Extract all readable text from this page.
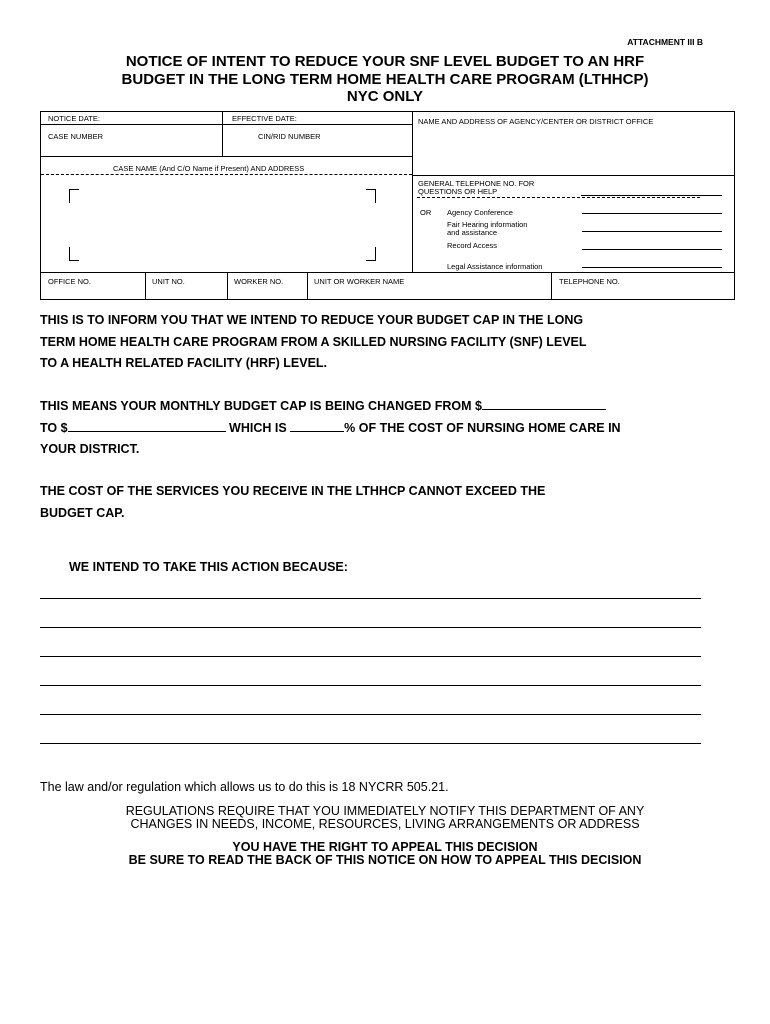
ATTACHMENT III B
NOTICE OF INTENT TO REDUCE YOUR SNF LEVEL BUDGET TO AN HRF
BUDGET IN THE LONG TERM HOME HEALTH CARE PROGRAM (LTHHCP)
NYC ONLY
NOTICE DATE:	EFFECTIVE DATE:	NAME AND ADDRESS OF AGENCY/CENTER OR DISTRICT OFFICE
CASE NUMBER	CIN/RID NUMBER
CASE NAME (And C/O Name if Present) AND ADDRESS
GENERAL TELEPHONE NO. FOR
QUESTIONS OR HELP
OR Agency Conference
Fair Hearing information
and assistance
Record Access
Legal Assistance information
OFFICE NO.	UNIT NO.	WORKER NO.	UNIT OR WORKER NAME	TELEPHONE NO.
THIS IS TO INFORM YOU THAT WE INTEND TO REDUCE YOUR BUDGET CAP IN THE LONG
TERM HOME HEALTH CARE PROGRAM FROM A SKILLED NURSING FACILITY (SNF) LEVEL
TO A HEALTH RELATED FACILITY (HRF) LEVEL.
THIS MEANS YOUR MONTHLY BUDGET CAP IS BEING CHANGED FROM $
TO $	WHICH IS	% OF THE COST OF NURSING HOME CARE IN
YOUR DISTRICT.
THE COST OF THE SERVICES YOU RECEIVE IN THE LTHHCP CANNOT EXCEED THE
BUDGET CAP.
WE INTEND TO TAKE THIS ACTION BECAUSE:
The law and/or regulation which allows us to do this is 18 NYCRR 505.21.
REGULATIONS REQUIRE THAT YOU IMMEDIATELY NOTIFY THIS DEPARTMENT OF ANY
CHANGES IN NEEDS, INCOME, RESOURCES, LIVING ARRANGEMENTS OR ADDRESS
YOU HAVE THE RIGHT TO APPEAL THIS DECISION
BE SURE TO READ THE BACK OF THIS NOTICE ON HOW TO APPEAL THIS DECISION
